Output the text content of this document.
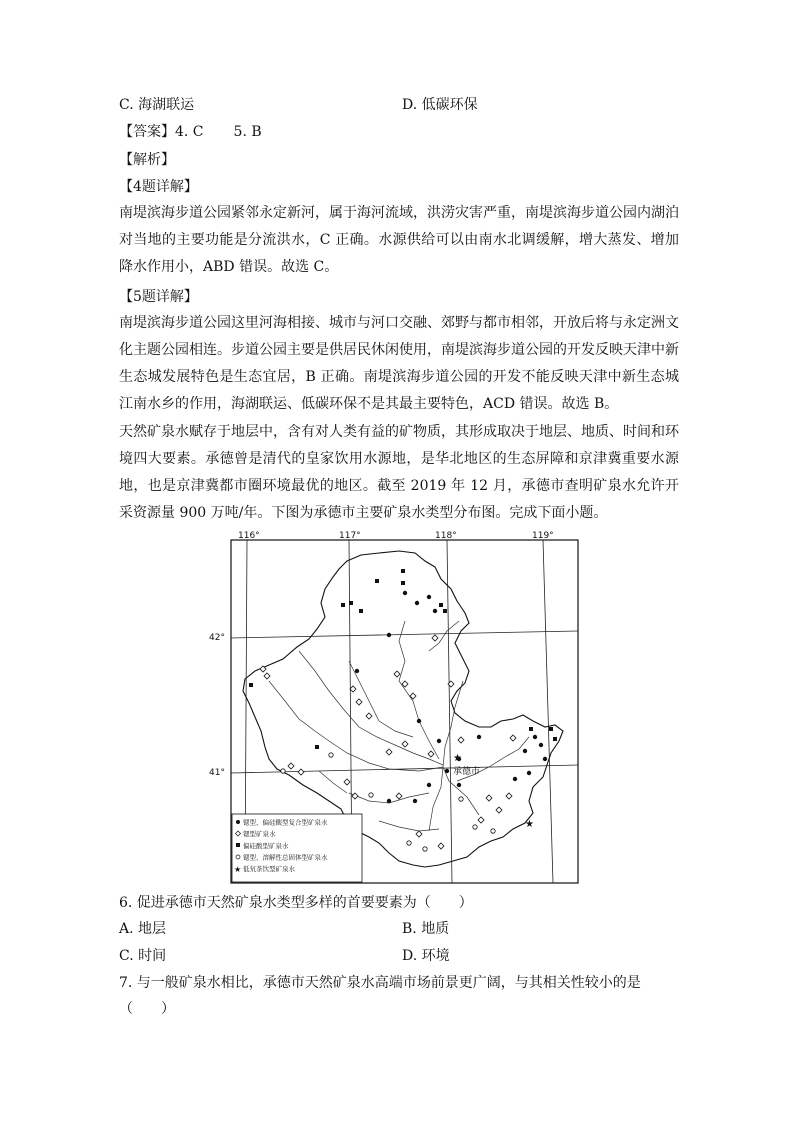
C. 海湖联运	D. 低碳环保
【答案】4. C 5. B
【解析】
【4题详解】
南堤滨海步道公园紧邻永定新河，属于海河流域，洪涝灾害严重，南堤滨海步道公园内湖泊对当地的主要功能是分流洪水，C 正确。水源供给可以由南水北调缓解，增大蒸发、增加降水作用小，ABD 错误。故选 C。
【5题详解】
南堤滨海步道公园这里河海相接、城市与河口交融、郊野与都市相邻，开放后将与永定洲文化主题公园相连。步道公园主要是供居民休闲使用，南堤滨海步道公园的开发反映天津中新生态城发展特色是生态宜居，B 正确。南堤滨海步道公园的开发不能反映天津中新生态城江南水乡的作用，海湖联运、低碳环保不是其最主要特色，ACD 错误。故选 B。
天然矿泉水赋存于地层中，含有对人类有益的矿物质，其形成取决于地层、地质、时间和环境四大要素。承德曾是清代的皇家饮用水源地，是华北地区的生态屏障和京津冀重要水源地，也是京津冀都市圈环境最优的地区。截至 2019 年 12 月，承德市查明矿泉水允许开采资源量 900 万吨/年。下图为承德市主要矿泉水类型分布图。完成下面小题。
116°	117°	118°	119°
★
★
承德市
锶型、偏硅酸型复合型矿泉水
锶型矿泉水
偏硅酸型矿泉水
锶型、溶解性总固体型矿泉水
★ 低氘茶饮型矿泉水
42°
41°
6. 促进承德市天然矿泉水类型多样的首要要素为（　　）
A. 地层	B. 地质
C. 时间	D. 环境
7. 与一般矿泉水相比，承德市天然矿泉水高端市场前景更广阔，与其相关性较小的是
（　　）
